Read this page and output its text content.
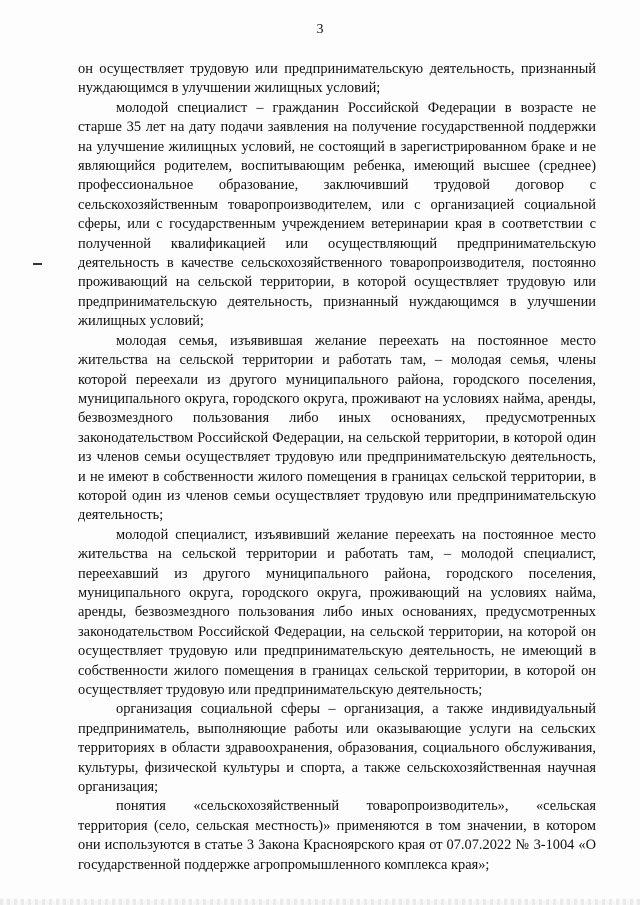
3

он осуществляет трудовую или предпринимательскую деятельность, признанный нуждающимся в улучшении жилищных условий;

молодой специалист – гражданин Российской Федерации в возрасте не старше 35 лет на дату подачи заявления на получение государственной поддержки на улучшение жилищных условий, не состоящий в зарегистрированном браке и не являющийся родителем, воспитывающим ребенка, имеющий высшее (среднее) профессиональное образование, заключивший трудовой договор с сельскохозяйственным товаропроизводителем, или с организацией социальной сферы, или с государственным учреждением ветеринарии края в соответствии с полученной квалификацией или осуществляющий предпринимательскую деятельность в качестве сельскохозяйственного товаропроизводителя, постоянно проживающий на сельской территории, в которой осуществляет трудовую или предпринимательскую деятельность, признанный нуждающимся в улучшении жилищных условий;

молодая семья, изъявившая желание переехать на постоянное место жительства на сельской территории и работать там, – молодая семья, члены которой переехали из другого муниципального района, городского поселения, муниципального округа, городского округа, проживают на условиях найма, аренды, безвозмездного пользования либо иных основаниях, предусмотренных законодательством Российской Федерации, на сельской территории, в которой один из членов семьи осуществляет трудовую или предпринимательскую деятельность, и не имеют в собственности жилого помещения в границах сельской территории, в которой один из членов семьи осуществляет трудовую или предпринимательскую деятельность;

молодой специалист, изъявивший желание переехать на постоянное место жительства на сельской территории и работать там, – молодой специалист, переехавший из другого муниципального района, городского поселения, муниципального округа, городского округа, проживающий на условиях найма, аренды, безвозмездного пользования либо иных основаниях, предусмотренных законодательством Российской Федерации, на сельской территории, на которой он осуществляет трудовую или предпринимательскую деятельность, не имеющий в собственности жилого помещения в границах сельской территории, в которой он осуществляет трудовую или предпринимательскую деятельность;

организация социальной сферы – организация, а также индивидуальный предприниматель, выполняющие работы или оказывающие услуги на сельских территориях в области здравоохранения, образования, социального обслуживания, культуры, физической культуры и спорта, а также сельскохозяйственная научная организация;

понятия «сельскохозяйственный товаропроизводитель», «сельская территория (село, сельская местность)» применяются в том значении, в котором они используются в статье 3 Закона Красноярского края от 07.07.2022 № 3-1004 «О государственной поддержке агропромышленного комплекса края»;
